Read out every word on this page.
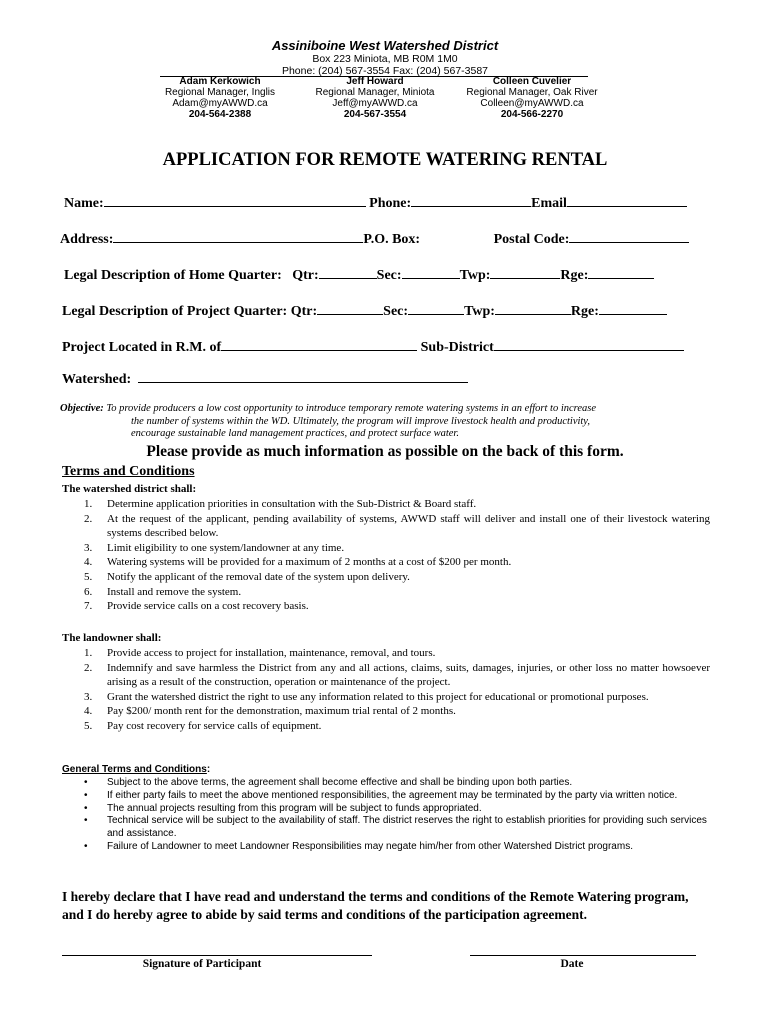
Assiniboine West Watershed District
Box 223 Miniota, MB R0M 1M0
Phone: (204) 567-3554 Fax: (204) 567-3587
Adam Kerkowich
Regional Manager, Inglis
Adam@myAWWD.ca
204-564-2388
Jeff Howard
Regional Manager, Miniota
Jeff@myAWWD.ca
204-567-3554
Colleen Cuvelier
Regional Manager, Oak River
Colleen@myAWWD.ca
204-566-2270
APPLICATION FOR REMOTE WATERING RENTAL
Name:	Phone:	Email
Address:	P.O. Box:	Postal Code:
Legal Description of Home Quarter: Qtr:	Sec:	Twp:	Rge:
Legal Description of Project Quarter: Qtr:	Sec:	Twp:	Rge:
Project Located in R.M. of	Sub-District
Watershed:
Objective: To provide producers a low cost opportunity to introduce temporary remote watering systems in an effort to increase
the number of systems within the WD. Ultimately, the program will improve livestock health and productivity,
encourage sustainable land management practices, and protect surface water.
Please provide as much information as possible on the back of this form.
Terms and Conditions
The watershed district shall:
1. Determine application priorities in consultation with the Sub-District & Board staff.
2. At the request of the applicant, pending availability of systems, AWWD staff will deliver and install one of their livestock watering systems described below.
3. Limit eligibility to one system/landowner at any time.
4. Watering systems will be provided for a maximum of 2 months at a cost of $200 per month.
5. Notify the applicant of the removal date of the system upon delivery.
6. Install and remove the system.
7. Provide service calls on a cost recovery basis.
The landowner shall:
1. Provide access to project for installation, maintenance, removal, and tours.
2. Indemnify and save harmless the District from any and all actions, claims, suits, damages, injuries, or other loss no matter howsoever arising as a result of the construction, operation or maintenance of the project.
3. Grant the watershed district the right to use any information related to this project for educational or promotional purposes.
4. Pay $200/ month rent for the demonstration, maximum trial rental of 2 months.
5. Pay cost recovery for service calls of equipment.
General Terms and Conditions:
• Subject to the above terms, the agreement shall become effective and shall be binding upon both parties.
• If either party fails to meet the above mentioned responsibilities, the agreement may be terminated by the party via written notice.
• The annual projects resulting from this program will be subject to funds appropriated.
• Technical service will be subject to the availability of staff. The district reserves the right to establish priorities for providing such services and assistance.
• Failure of Landowner to meet Landowner Responsibilities may negate him/her from other Watershed District programs.
I hereby declare that I have read and understand the terms and conditions of the Remote Watering program, and I do hereby agree to abide by said terms and conditions of the participation agreement.
Signature of Participant	Date
